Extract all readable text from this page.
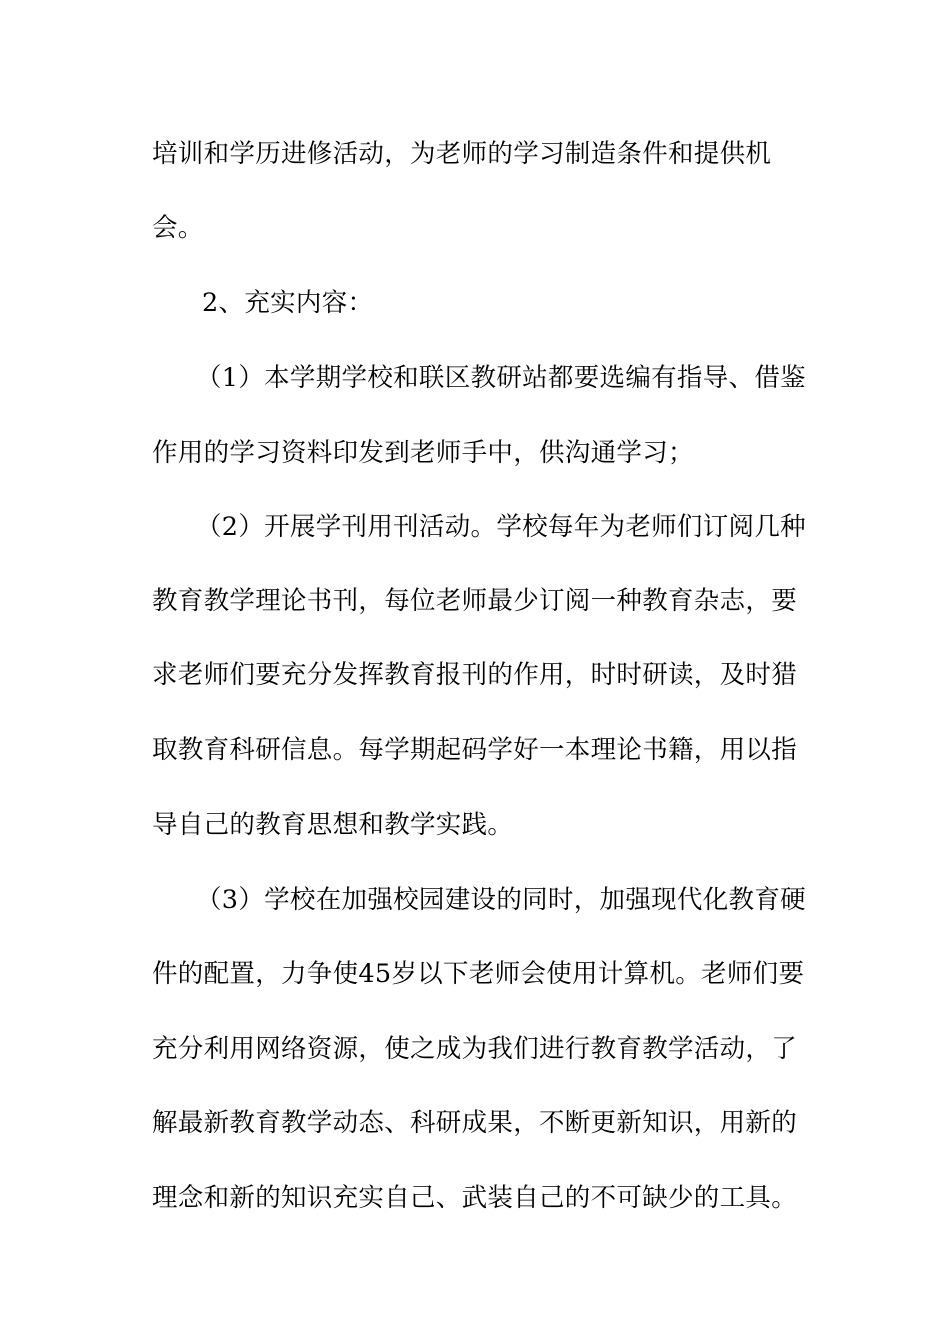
培训和学历进修活动，为老师的学习制造条件和提供机
会。
2、充实内容：
（1）本学期学校和联区教研站都要选编有指导、借鉴
作用的学习资料印发到老师手中，供沟通学习；
（2）开展学刊用刊活动。学校每年为老师们订阅几种
教育教学理论书刊，每位老师最少订阅一种教育杂志，要
求老师们要充分发挥教育报刊的作用，时时研读，及时猎
取教育科研信息。每学期起码学好一本理论书籍，用以指
导自己的教育思想和教学实践。
（3）学校在加强校园建设的同时，加强现代化教育硬
件的配置，力争使45岁以下老师会使用计算机。老师们要
充分利用网络资源，使之成为我们进行教育教学活动，了
解最新教育教学动态、科研成果，不断更新知识，用新的
理念和新的知识充实自己、武装自己的不可缺少的工具。
